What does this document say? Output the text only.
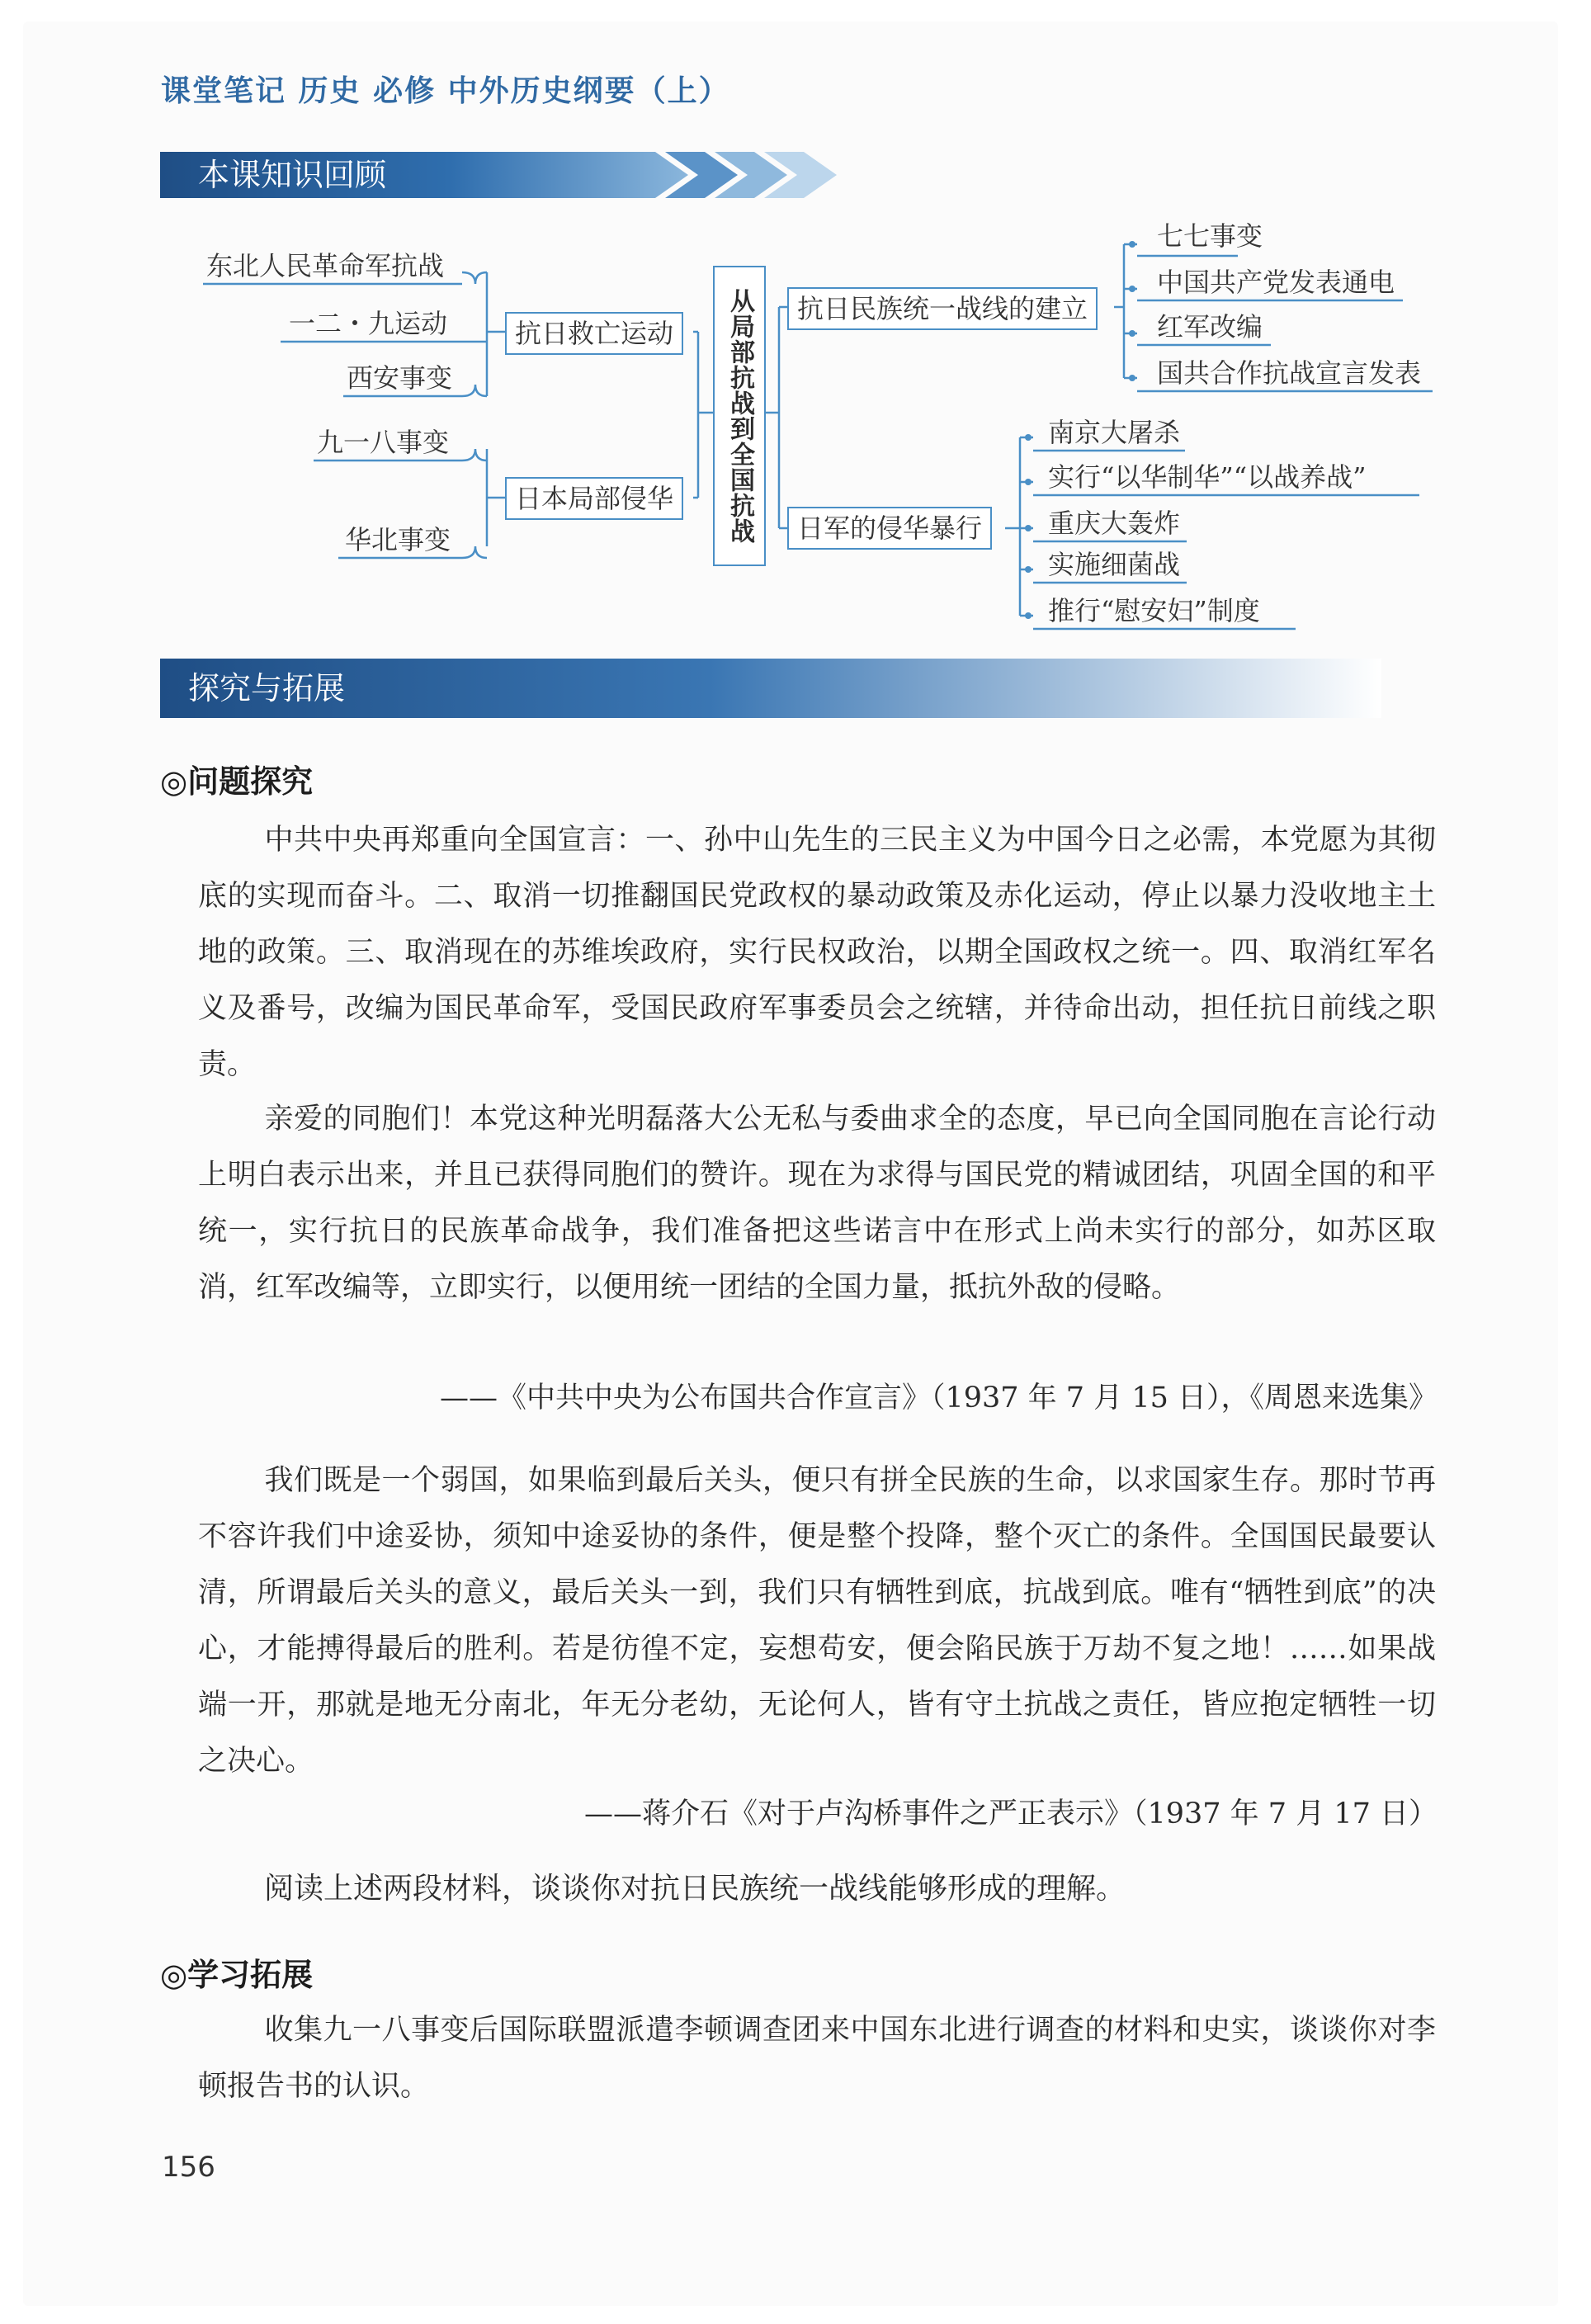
课堂笔记 历史 必修 中外历史纲要（上）
本课知识回顾
东北人民革命军抗战
一二・九运动
西安事变
抗日救亡运动
九一八事变
华北事变
日本局部侵华	从局部抗战到全国抗战	抗日民族统一战线的建立
日军的侵华暴行
七七事变
中国共产党发表通电
红军改编
国共合作抗战宣言发表
南京大屠杀
实行“以华制华”“以战养战”
重庆大轰炸
实施细菌战
推行“慰安妇”制度
探究与拓展
◎问题探究
中共中央再郑重向全国宣言：一、孙中山先生的三民主义为中国今日之必需，本党愿为其彻底的实现而奋斗。二、取消一切推翻国民党政权的暴动政策及赤化运动，停止以暴力没收地主土地的政策。三、取消现在的苏维埃政府，实行民权政治，以期全国政权之统一。四、取消红军名义及番号，改编为国民革命军，受国民政府军事委员会之统辖，并待命出动，担任抗日前线之职责。
亲爱的同胞们！本党这种光明磊落大公无私与委曲求全的态度，早已向全国同胞在言论行动上明白表示出来，并且已获得同胞们的赞许。现在为求得与国民党的精诚团结，巩固全国的和平统一，实行抗日的民族革命战争，我们准备把这些诺言中在形式上尚未实行的部分，如苏区取消，红军改编等，立即实行，以便用统一团结的全国力量，抵抗外敌的侵略。
——《中共中央为公布国共合作宣言》（1937 年 7 月 15 日），《周恩来选集》
我们既是一个弱国，如果临到最后关头，便只有拼全民族的生命，以求国家生存。那时节再不容许我们中途妥协，须知中途妥协的条件，便是整个投降，整个灭亡的条件。全国国民最要认清，所谓最后关头的意义，最后关头一到，我们只有牺牲到底，抗战到底。唯有“牺牲到底”的决心，才能搏得最后的胜利。若是彷徨不定，妄想苟安，便会陷民族于万劫不复之地！……如果战端一开，那就是地无分南北，年无分老幼，无论何人，皆有守土抗战之责任，皆应抱定牺牲一切之决心。
——蒋介石《对于卢沟桥事件之严正表示》（1937 年 7 月 17 日）
阅读上述两段材料，谈谈你对抗日民族统一战线能够形成的理解。
◎学习拓展
收集九一八事变后国际联盟派遣李顿调查团来中国东北进行调查的材料和史实，谈谈你对李顿报告书的认识。
156
